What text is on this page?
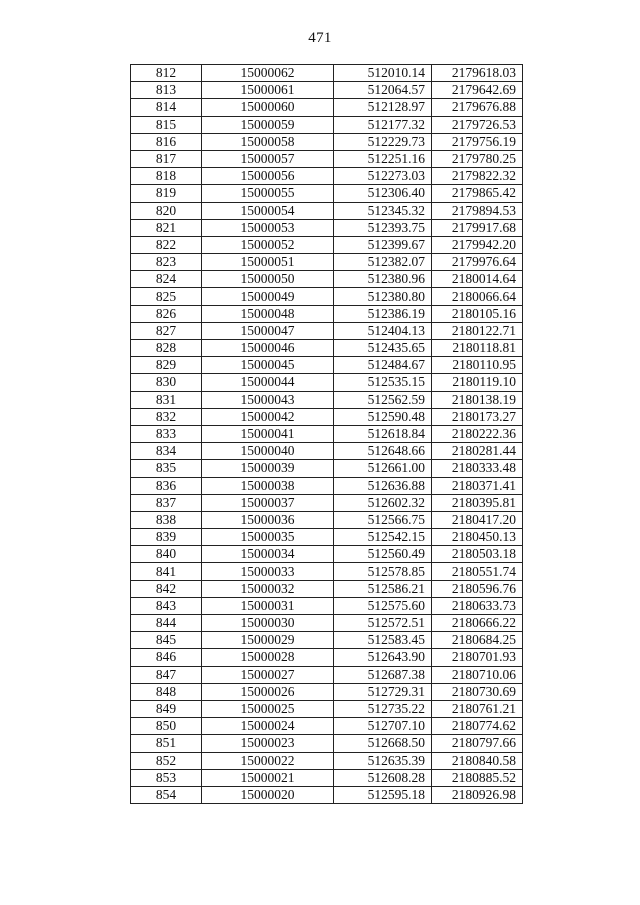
471
812	15000062	512010.14	2179618.03
813	15000061	512064.57	2179642.69
814	15000060	512128.97	2179676.88
815	15000059	512177.32	2179726.53
816	15000058	512229.73	2179756.19
817	15000057	512251.16	2179780.25
818	15000056	512273.03	2179822.32
819	15000055	512306.40	2179865.42
820	15000054	512345.32	2179894.53
821	15000053	512393.75	2179917.68
822	15000052	512399.67	2179942.20
823	15000051	512382.07	2179976.64
824	15000050	512380.96	2180014.64
825	15000049	512380.80	2180066.64
826	15000048	512386.19	2180105.16
827	15000047	512404.13	2180122.71
828	15000046	512435.65	2180118.81
829	15000045	512484.67	2180110.95
830	15000044	512535.15	2180119.10
831	15000043	512562.59	2180138.19
832	15000042	512590.48	2180173.27
833	15000041	512618.84	2180222.36
834	15000040	512648.66	2180281.44
835	15000039	512661.00	2180333.48
836	15000038	512636.88	2180371.41
837	15000037	512602.32	2180395.81
838	15000036	512566.75	2180417.20
839	15000035	512542.15	2180450.13
840	15000034	512560.49	2180503.18
841	15000033	512578.85	2180551.74
842	15000032	512586.21	2180596.76
843	15000031	512575.60	2180633.73
844	15000030	512572.51	2180666.22
845	15000029	512583.45	2180684.25
846	15000028	512643.90	2180701.93
847	15000027	512687.38	2180710.06
848	15000026	512729.31	2180730.69
849	15000025	512735.22	2180761.21
850	15000024	512707.10	2180774.62
851	15000023	512668.50	2180797.66
852	15000022	512635.39	2180840.58
853	15000021	512608.28	2180885.52
854	15000020	512595.18	2180926.98
